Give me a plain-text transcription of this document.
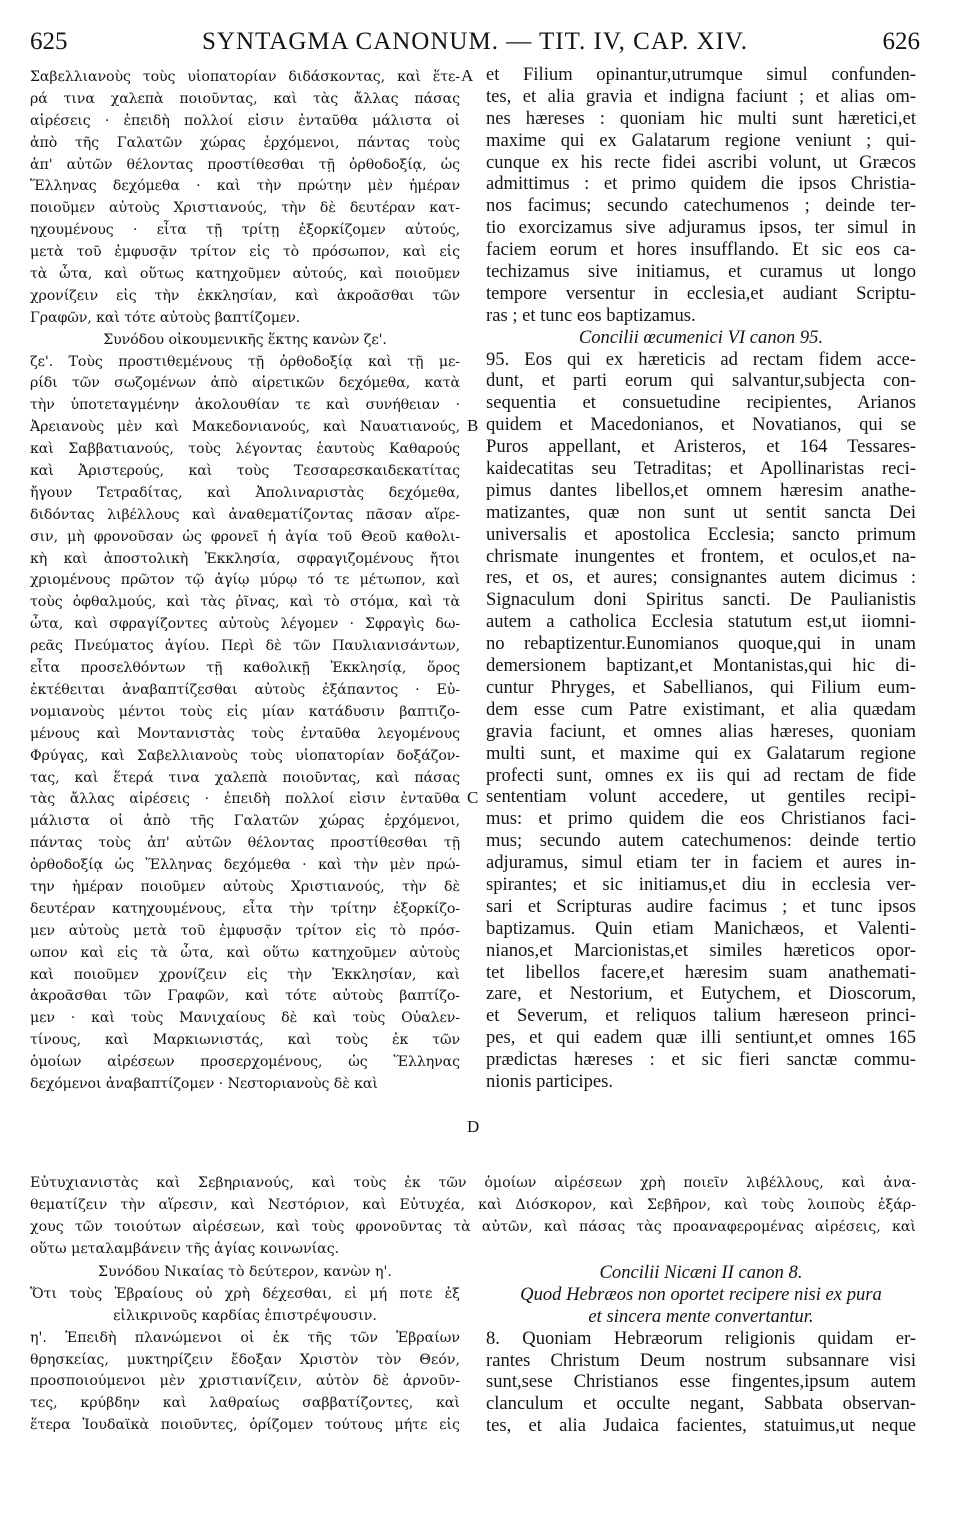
625	SYNTAGMA CANONUM. — TIT. IV, CAP. XIV.	626
Σαβελλιανοὺς τοὺς υἱοπατορίαν διδάσκοντας, καὶ ἕτε-
ρά τινα χαλεπὰ ποιοῦντας, καὶ τὰς ἄλλας πάσας
αἱρέσεις · ἐπειδὴ πολλοί εἰσιν ἐνταῦθα μάλιστα οἱ
ἀπὸ τῆς Γαλατῶν χώρας ἐρχόμενοι, πάντας τοὺς
ἀπ' αὐτῶν θέλοντας προστίθεσθαι τῇ ὀρθοδοξίᾳ, ὡς
Ἕλληνας δεχόμεθα · καὶ τὴν πρώτην μὲν ἡμέραν
ποιοῦμεν αὐτοὺς Χριστιανούς, τὴν δὲ δευτέραν κατ-
ηχουμένους · εἶτα τῇ τρίτῃ ἐξορκίζομεν αὐτούς,
μετὰ τοῦ ἐμφυσᾷν τρίτον εἰς τὸ πρόσωπον, καὶ εἰς
τὰ ὦτα, καὶ οὕτως κατηχοῦμεν αὐτούς, καὶ ποιοῦμεν
χρονίζειν εἰς τὴν ἐκκλησίαν, καὶ ἀκροᾶσθαι τῶν
Γραφῶν, καὶ τότε αὐτοὺς βαπτίζομεν.
Συνόδου οἰκουμενικῆς ἕκτης κανὼν ζε'.
ζε'. Τοὺς προστιθεμένους τῇ ὀρθοδοξίᾳ καὶ τῇ με-
ρίδι τῶν σωζομένων ἀπὸ αἱρετικῶν δεχόμεθα, κατὰ
τὴν ὑποτεταγμένην ἀκολουθίαν τε καὶ συνήθειαν ·
Ἀρειανοὺς μὲν καὶ Μακεδονιανούς, καὶ Ναυατιανούς,
καὶ Σαββατιανούς, τοὺς λέγοντας ἑαυτοὺς Καθαρούς
καὶ Ἀριστερούς, καὶ τοὺς Τεσσαρεσκαιδεκατίτας
ἤγουν Τετραδίτας, καὶ Ἀπολιναριστὰς δεχόμεθα,
διδόντας λιβέλλους καὶ ἀναθεματίζοντας πᾶσαν αἵρε-
σιν, μὴ φρονοῦσαν ὡς φρονεῖ ἡ ἁγία τοῦ Θεοῦ καθολι-
κὴ καὶ ἀποστολικὴ Ἐκκλησία, σφραγιζομένους ἤτοι
χριομένους πρῶτον τῷ ἁγίῳ μύρῳ τό τε μέτωπον, καὶ
τοὺς ὀφθαλμούς, καὶ τὰς ῥῖνας, καὶ τὸ στόμα, καὶ τὰ
ὦτα, καὶ σφραγίζοντες αὐτοὺς λέγομεν · Σφραγὶς δω-
ρεᾶς Πνεύματος ἁγίου. Περὶ δὲ τῶν Παυλιανισάντων,
εἶτα προσελθόντων τῇ καθολικῇ Ἐκκλησίᾳ, ὅρος
ἐκτέθειται ἀναβαπτίζεσθαι αὐτοὺς ἐξάπαντος · Εὐ-
νομιανοὺς μέντοι τοὺς εἰς μίαν κατάδυσιν βαπτιζο-
μένους καὶ Μοντανιστὰς τοὺς ἐνταῦθα λεγομένους
Φρύγας, καὶ Σαβελλιανοὺς τοὺς υἱοπατορίαν δοξάζον-
τας, καὶ ἕτερά τινα χαλεπὰ ποιοῦντας, καὶ πάσας
τὰς ἄλλας αἱρέσεις · ἐπειδὴ πολλοί εἰσιν ἐνταῦθα
μάλιστα οἱ ἀπὸ τῆς Γαλατῶν χώρας ἐρχόμενοι,
πάντας τοὺς ἀπ' αὐτῶν θέλοντας προστίθεσθαι τῇ
ὀρθοδοξίᾳ ὡς Ἕλληνας δεχόμεθα · καὶ τὴν μὲν πρώ-
την ἡμέραν ποιοῦμεν αὐτοὺς Χριστιανούς, τὴν δὲ
δευτέραν κατηχουμένους, εἶτα τὴν τρίτην ἐξορκίζο-
μεν αὐτοὺς μετὰ τοῦ ἐμφυσᾷν τρίτον εἰς τὸ πρόσ-
ωπον καὶ εἰς τὰ ὦτα, καὶ οὕτω κατηχοῦμεν αὐτοὺς
καὶ ποιοῦμεν χρονίζειν εἰς τὴν Ἐκκλησίαν, καὶ
ἀκροᾶσθαι τῶν Γραφῶν, καὶ τότε αὐτοὺς βαπτίζο-
μεν · καὶ τοὺς Μανιχαίους δὲ καὶ τοὺς Οὐαλεν-
τίνους, καὶ Μαρκιωνιστάς, καὶ τοὺς ἐκ τῶν
ὁμοίων αἱρέσεων προσερχομένους, ὡς Ἕλληνας
δεχόμενοι ἀναβαπτίζομεν · Νεστοριανοὺς δὲ καὶ
et Filium opinantur,utrumque simul confunden-
tes, et alia gravia et indigna faciunt ; et alias om-
nes hæreses : quoniam hic multi sunt hæretici,et
maxime qui ex Galatarum regione veniunt ; qui-
cunque ex his recte fidei ascribi volunt, ut Græcos
admittimus : et primo quidem die ipsos Christia-
nos facimus; secundo catechumenos ; deinde ter-
tio exorcizamus sive adjuramus ipsos, ter simul in
faciem eorum et hores insufflando. Et sic eos ca-
techizamus sive initiamus, et curamus ut longo
tempore versentur in ecclesia,et audiant Scriptu-
ras ; et tunc eos baptizamus.
Concilii œcumenici VI canon 95.
95. Eos qui ex hæreticis ad rectam fidem acce-
dunt, et parti eorum qui salvantur,subjecta con-
sequentia et consuetudine recipientes, Arianos
quidem et Macedonianos, et Novatianos, qui se
Puros appellant, et Aristeros, et 164 Tessares-
kaidecatitas seu Tetraditas; et Apollinaristas reci-
pimus dantes libellos,et omnem hæresim anathe-
matizantes, quæ non sunt ut sentit sancta Dei
universalis et apostolica Ecclesia; sancto primum
chrismate inungentes et frontem, et oculos,et na-
res, et os, et aures; consignantes autem dicimus :
Signaculum doni Spiritus sancti. De Paulianistis
autem a catholica Ecclesia statutum est,ut iiomni-
no rebaptizentur.Eunomianos quoque,qui in unam
demersionem baptizant,et Montanistas,qui hic di-
cuntur Phryges, et Sabellianos, qui Filium eum-
dem esse cum Patre existimant, et alia quædam
gravia faciunt, et omnes alias hæreses, quoniam
multi sunt, et maxime qui ex Galatarum regione
profecti sunt, omnes ex iis qui ad rectam de fide
sententiam volunt accedere, ut gentiles recipi-
mus: et primo quidem die eos Christianos faci-
mus; secundo autem catechumenos: deinde tertio
adjuramus, simul etiam ter in faciem et aures in-
spirantes; et sic initiamus,et diu in ecclesia ver-
sari et Scripturas audire facimus ; et tunc ipsos
baptizamus. Quin etiam Manichæos, et Valenti-
nianos,et Marcionistas,et similes hæreticos opor-
tet libellos facere,et hæresim suam anathemati-
zare, et Nestorium, et Eutychem, et Dioscorum,
et Severum, et reliquos talium hæreseon princi-
pes, et qui eadem quæ illi sentiunt,et omnes 165
prædictas hæreses : et sic fieri sanctæ commu-
nionis participes.
Εὐτυχιανιστὰς καὶ Σεβηριανούς, καὶ τοὺς ἐκ τῶν ὁμοίων αἱρέσεων χρὴ ποιεῖν λιβέλλους, καὶ ἀνα-
θεματίζειν τὴν αἵρεσιν, καὶ Νεστόριον, καὶ Εὐτυχέα, καὶ Διόσκορον, καὶ Σεβῆρον, καὶ τοὺς λοιποὺς ἐξάρ-
χους τῶν τοιούτων αἱρέσεων, καὶ τοὺς φρονοῦντας τὰ αὐτῶν, καὶ πάσας τὰς προαναφερομένας αἱρέσεις, καὶ
οὕτω μεταλαμβάνειν τῆς ἁγίας κοινωνίας.
Συνόδου Νικαίας τὸ δεύτερον, κανὼν η'.
Ὅτι τοὺς Ἑβραίους οὐ χρὴ δέχεσθαι, εἰ μή ποτε ἐξ
εἰλικρινοῦς καρδίας ἐπιστρέψουσιν.
η'. Ἐπειδὴ πλανώμενοι οἱ ἐκ τῆς τῶν Ἑβραίων
θρησκείας, μυκτηρίζειν ἔδοξαν Χριστὸν τὸν Θεόν,
προσποιούμενοι μὲν χριστιανίζειν, αὐτὸν δὲ ἀρνοῦν-
τες, κρύβδην καὶ λαθραίως σαββατίζοντες, καὶ
ἕτερα Ἰουδαϊκὰ ποιοῦντες, ὁρίζομεν τούτους μήτε εἰς
Concilii Nicæni II canon 8.
Quod Hebræos non oportet recipere nisi ex pura
et sincera mente convertantur.
8. Quoniam Hebræorum religionis quidam er-
rantes Christum Deum nostrum subsannare visi
sunt,sese Christianos esse fingentes,ipsum autem
clanculum et occulte negant, Sabbata observan-
tes, et alia Judaica facientes, statuimus,ut neque
A
B
C
D
